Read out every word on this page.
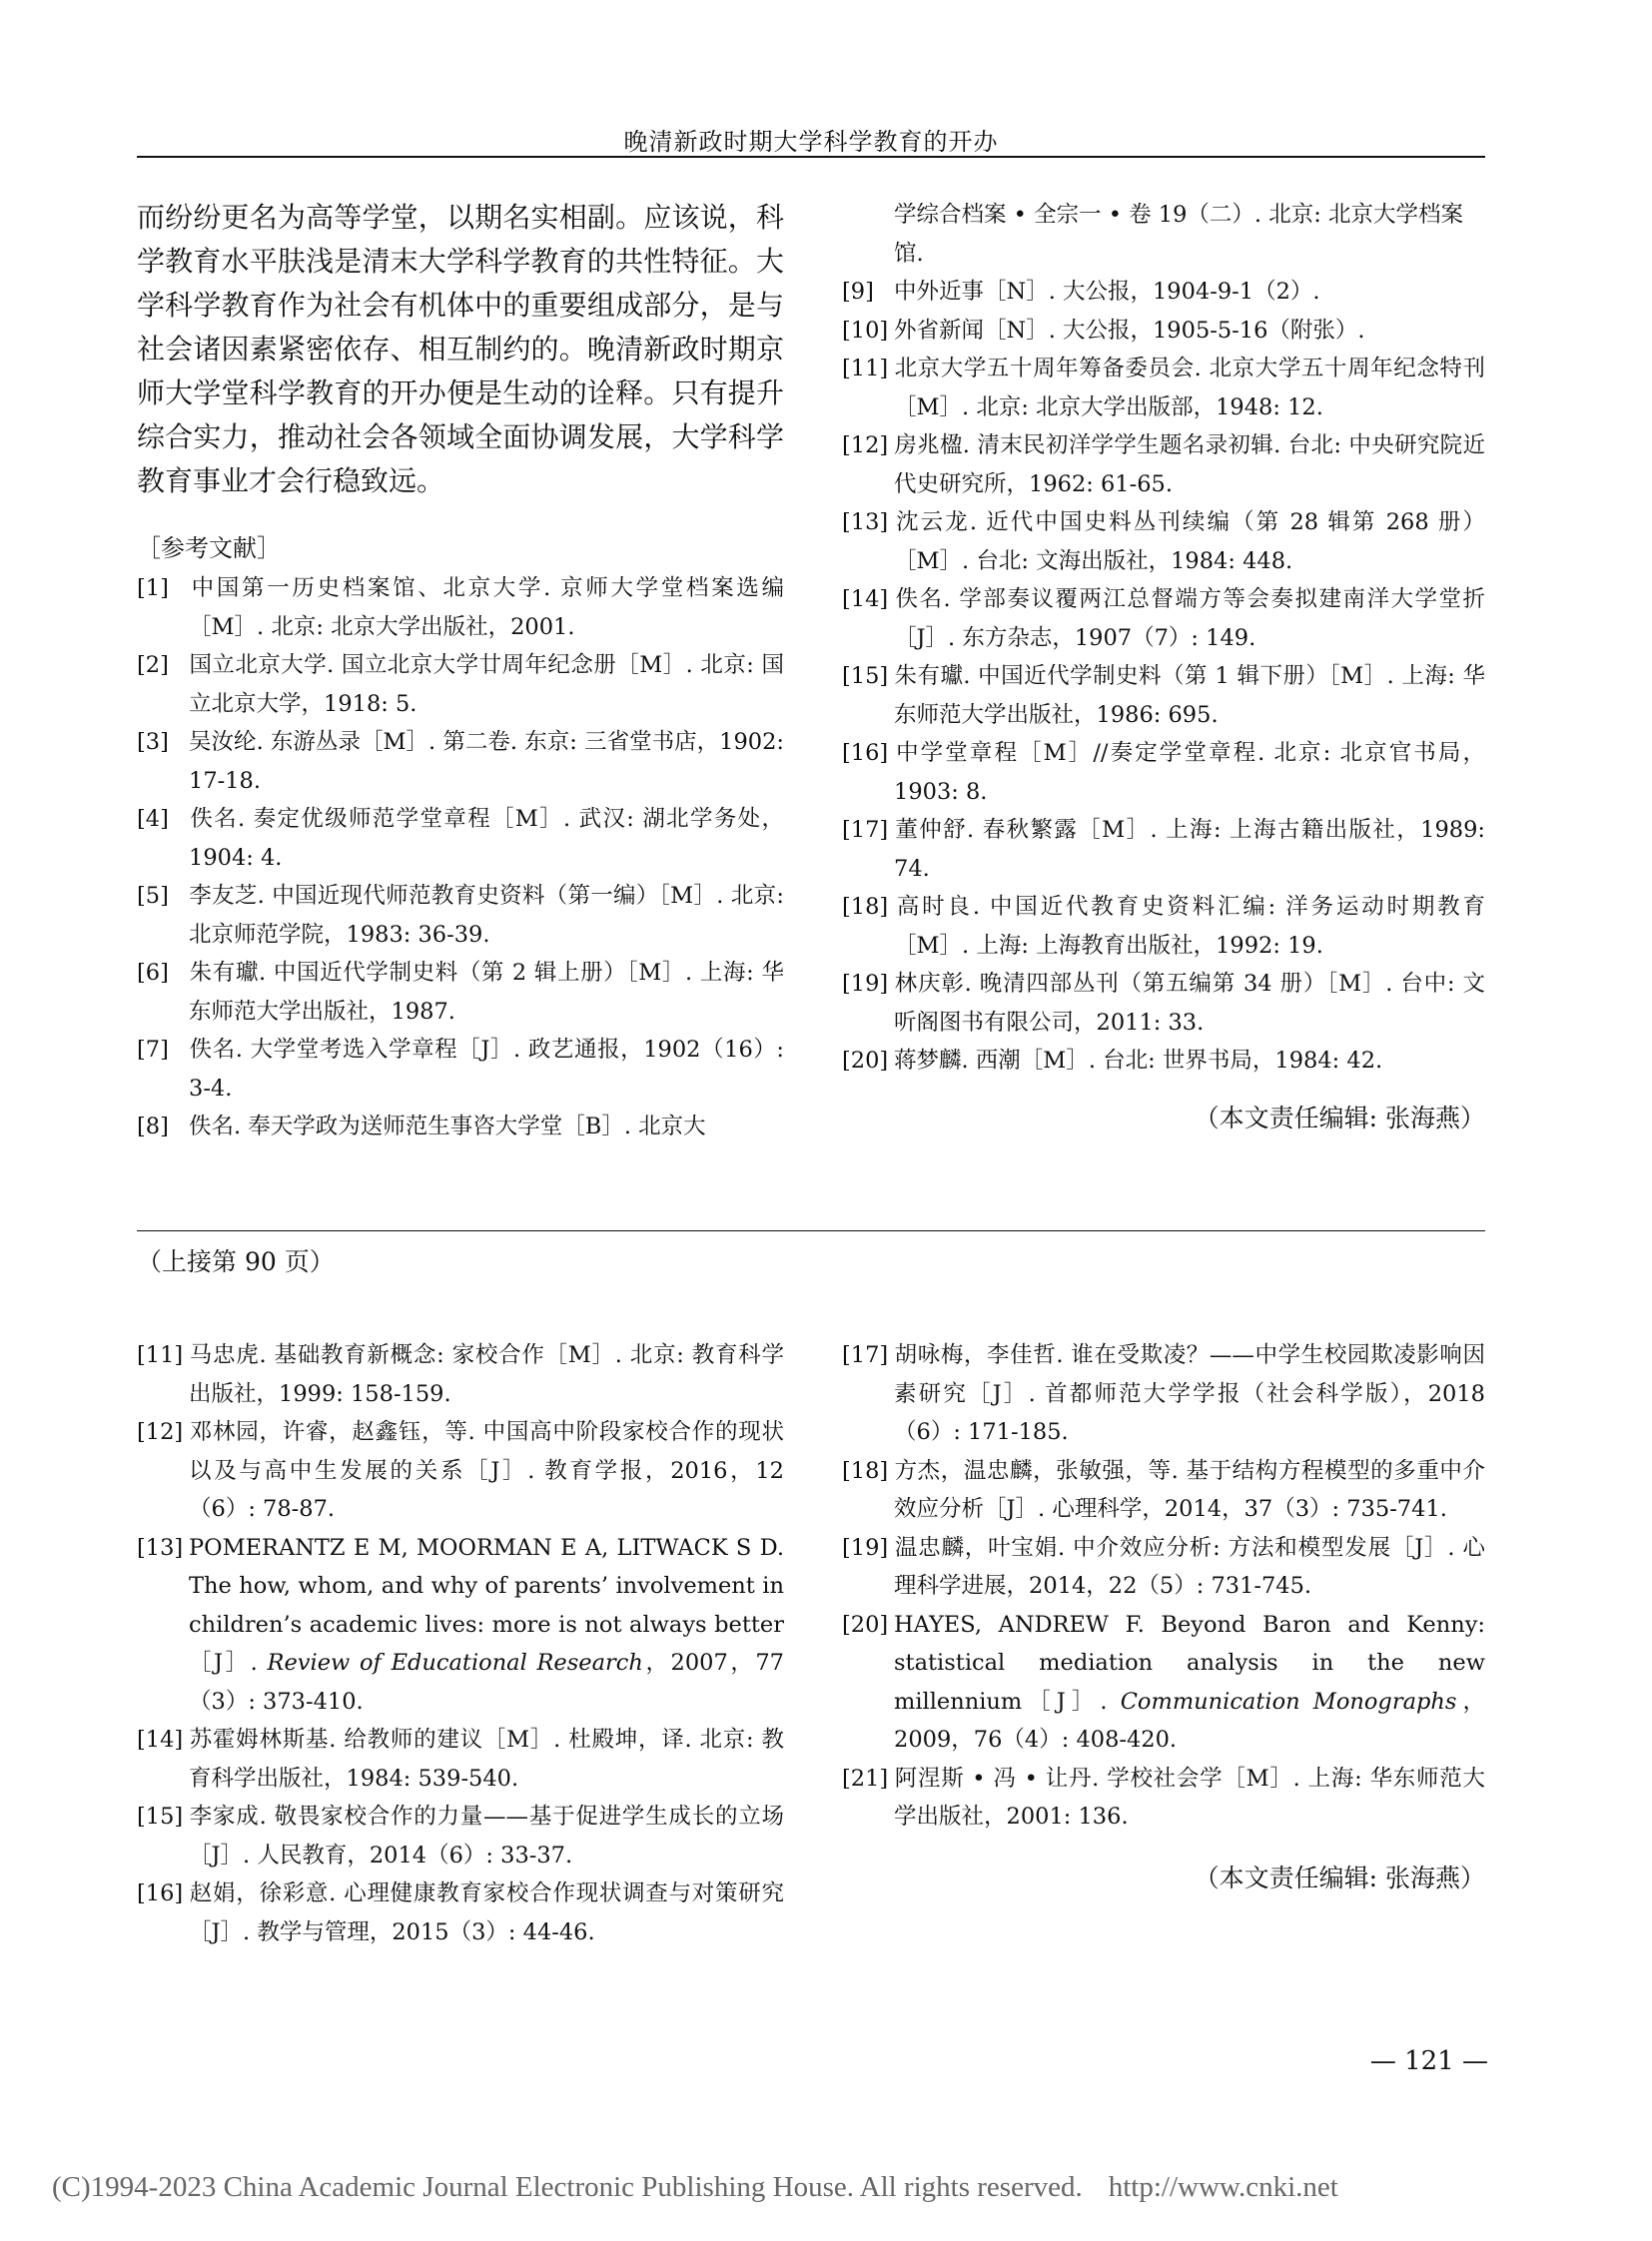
晚清新政时期大学科学教育的开办

而纷纷更名为高等学堂，以期名实相副。应该说，科学教育水平肤浅是清末大学科学教育的共性特征。大学科学教育作为社会有机体中的重要组成部分，是与社会诸因素紧密依存、相互制约的。晚清新政时期京师大学堂科学教育的开办便是生动的诠释。只有提升综合实力，推动社会各领域全面协调发展，大学科学教育事业才会行稳致远。

［参考文献］

[1] 中国第一历史档案馆、北京大学. 京师大学堂档案选编［M］. 北京: 北京大学出版社，2001.

[2] 国立北京大学. 国立北京大学廿周年纪念册［M］. 北京: 国立北京大学，1918: 5.

[3] 吴汝纶. 东游丛录［M］. 第二卷. 东京: 三省堂书店，1902: 17-18.

[4] 佚名. 奏定优级师范学堂章程［M］. 武汉: 湖北学务处，1904: 4.

[5] 李友芝. 中国近现代师范教育史资料（第一编）［M］. 北京: 北京师范学院，1983: 36-39.

[6] 朱有瓛. 中国近代学制史料（第 2 辑上册）［M］. 上海: 华东师范大学出版社，1987.

[7] 佚名. 大学堂考选入学章程［J］. 政艺通报，1902（16）: 3-4.

[8] 佚名. 奉天学政为送师范生事咨大学堂［B］. 北京大

学综合档案 • 全宗一 • 卷 19（二）. 北京: 北京大学档案馆.

[9] 中外近事［N］. 大公报，1904-9-1（2）.

[10] 外省新闻［N］. 大公报，1905-5-16（附张）.

[11] 北京大学五十周年筹备委员会. 北京大学五十周年纪念特刊［M］. 北京: 北京大学出版部，1948: 12.

[12] 房兆楹. 清末民初洋学学生题名录初辑. 台北: 中央研究院近代史研究所，1962: 61-65.

[13] 沈云龙. 近代中国史料丛刊续编（第 28 辑第 268 册）［M］. 台北: 文海出版社，1984: 448.

[14] 佚名. 学部奏议覆两江总督端方等会奏拟建南洋大学堂折［J］. 东方杂志，1907（7）: 149.

[15] 朱有瓛. 中国近代学制史料（第 1 辑下册）［M］. 上海: 华东师范大学出版社，1986: 695.

[16] 中学堂章程［M］//奏定学堂章程. 北京: 北京官书局，1903: 8.

[17] 董仲舒. 春秋繁露［M］. 上海: 上海古籍出版社，1989: 74.

[18] 高时良. 中国近代教育史资料汇编: 洋务运动时期教育［M］. 上海: 上海教育出版社，1992: 19.

[19] 林庆彰. 晚清四部丛刊（第五编第 34 册）［M］. 台中: 文听阁图书有限公司，2011: 33.

[20] 蒋梦麟. 西潮［M］. 台北: 世界书局，1984: 42.

（本文责任编辑: 张海燕）

（上接第 90 页）

[11] 马忠虎. 基础教育新概念: 家校合作［M］. 北京: 教育科学出版社，1999: 158-159.

[12] 邓林园，许睿，赵鑫钰，等. 中国高中阶段家校合作的现状以及与高中生发展的关系［J］. 教育学报，2016，12（6）: 78-87.

[13] POMERANTZ E M, MOORMAN E A, LITWACK S D. The how, whom, and why of parents’ involvement in children’s academic lives: more is not always better［J］. Review of Educational Research，2007，77（3）: 373-410.

[14] 苏霍姆林斯基. 给教师的建议［M］. 杜殿坤，译. 北京: 教育科学出版社，1984: 539-540.

[15] 李家成. 敬畏家校合作的力量——基于促进学生成长的立场［J］. 人民教育，2014（6）: 33-37.

[16] 赵娟，徐彩意. 心理健康教育家校合作现状调查与对策研究［J］. 教学与管理，2015（3）: 44-46.

[17] 胡咏梅，李佳哲. 谁在受欺凌？——中学生校园欺凌影响因素研究［J］. 首都师范大学学报（社会科学版），2018（6）: 171-185.

[18] 方杰，温忠麟，张敏强，等. 基于结构方程模型的多重中介效应分析［J］. 心理科学，2014，37（3）: 735-741.

[19] 温忠麟，叶宝娟. 中介效应分析: 方法和模型发展［J］. 心理科学进展，2014，22（5）: 731-745.

[20] HAYES, ANDREW F. Beyond Baron and Kenny: statistical mediation analysis in the new millennium［J］. Communication Monographs，2009，76（4）: 408-420.

[21] 阿涅斯 • 冯 • 让丹. 学校社会学［M］. 上海: 华东师范大学出版社，2001: 136.

（本文责任编辑: 张海燕）

— 121 —
(C)1994-2023 China Academic Journal Electronic Publishing House. All rights reserved. http://www.cnki.net
